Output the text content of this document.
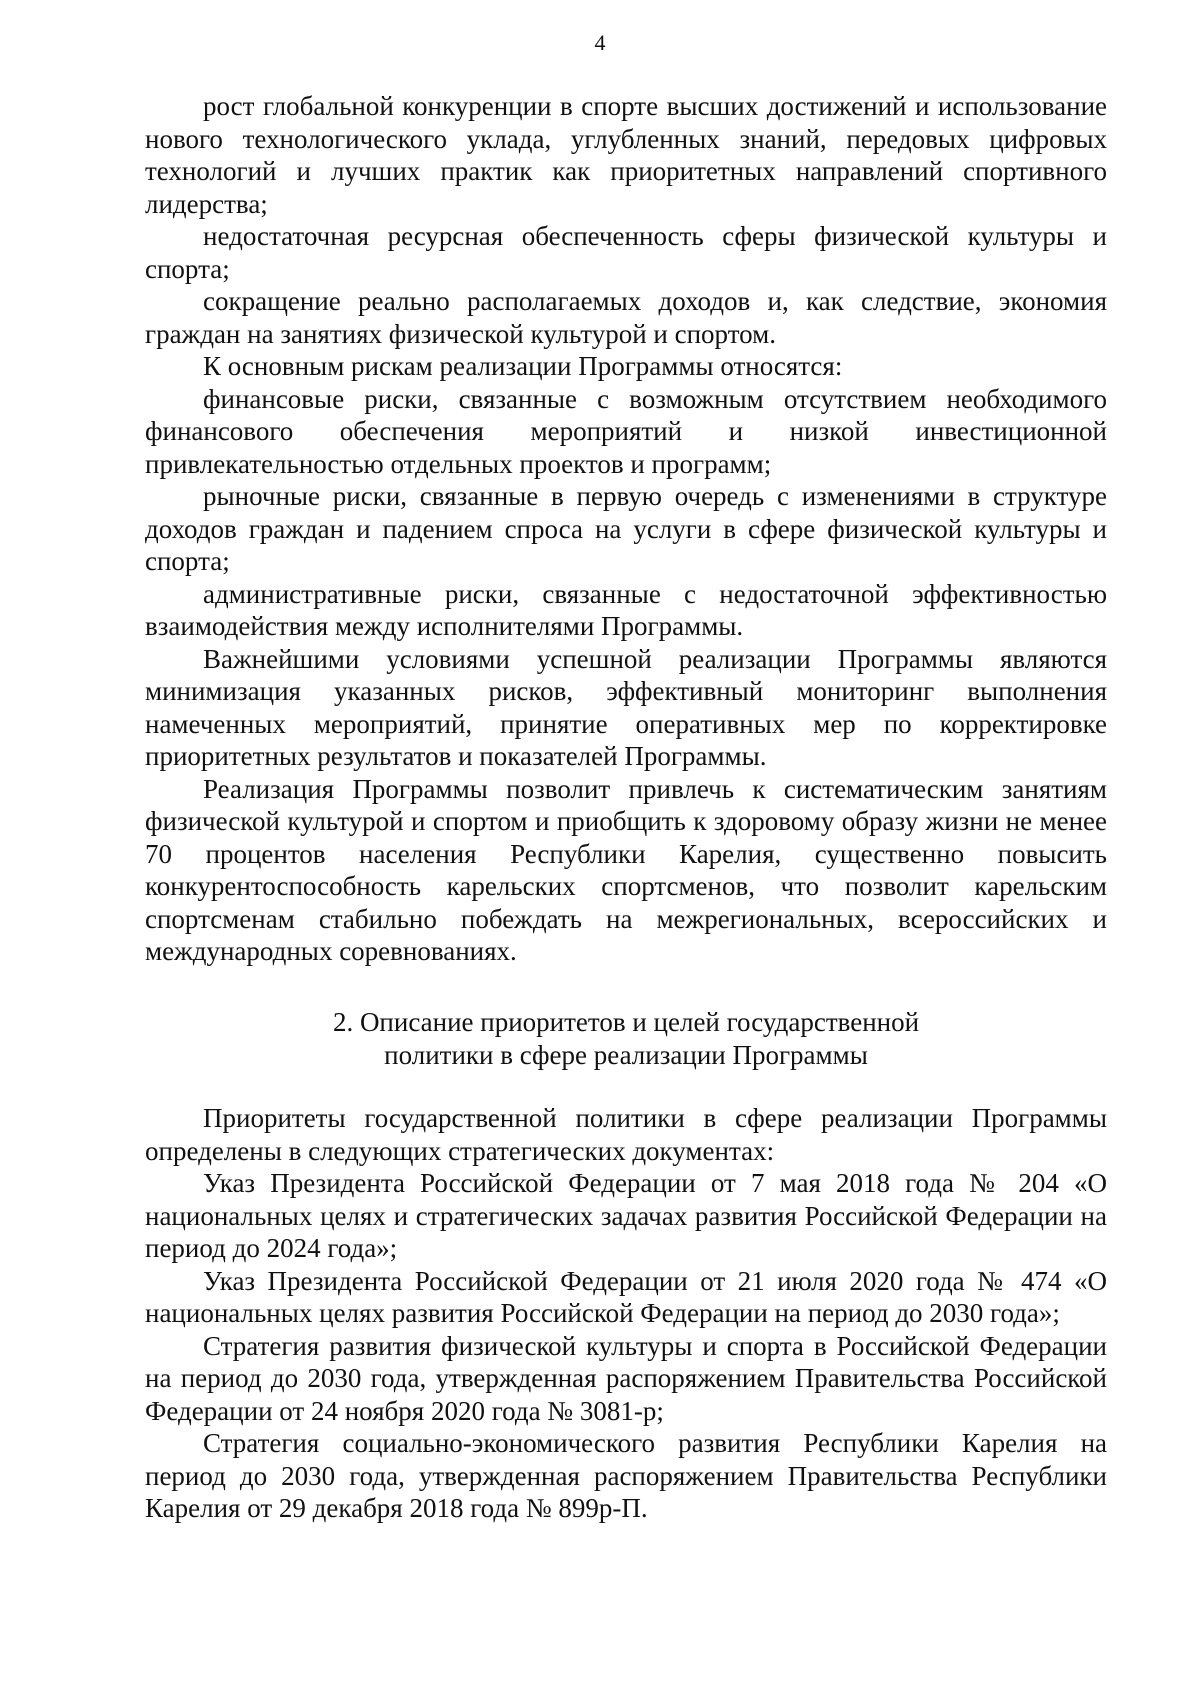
4

рост глобальной конкуренции в спорте высших достижений и использование нового технологического уклада, углубленных знаний, передовых цифровых технологий и лучших практик как приоритетных направлений спортивного лидерства;

недостаточная ресурсная обеспеченность сферы физической культуры и спорта;

сокращение реально располагаемых доходов и, как следствие, экономия граждан на занятиях физической культурой и спортом.

К основным рискам реализации Программы относятся:

финансовые риски, связанные с возможным отсутствием необходимого финансового обеспечения мероприятий и низкой инвестиционной привлекательностью отдельных проектов и программ;

рыночные риски, связанные в первую очередь с изменениями в структуре доходов граждан и падением спроса на услуги в сфере физической культуры и спорта;

административные риски, связанные с недостаточной эффективностью взаимодействия между исполнителями Программы.

Важнейшими условиями успешной реализации Программы являются минимизация указанных рисков, эффективный мониторинг выполнения намеченных мероприятий, принятие оперативных мер по корректировке приоритетных результатов и показателей Программы.

Реализация Программы позволит привлечь к систематическим занятиям физической культурой и спортом и приобщить к здоровому образу жизни не менее 70 процентов населения Республики Карелия, существенно повысить конкурентоспособность карельских спортсменов, что позволит карельским спортсменам стабильно побеждать на межрегиональных, всероссийских и международных соревнованиях.

2. Описание приоритетов и целей государственной
политики в сфере реализации Программы

Приоритеты государственной политики в сфере реализации Программы определены в следующих стратегических документах:

Указ Президента Российской Федерации от 7 мая 2018 года № 204 «О национальных целях и стратегических задачах развития Российской Федерации на период до 2024 года»;

Указ Президента Российской Федерации от 21 июля 2020 года № 474 «О национальных целях развития Российской Федерации на период до 2030 года»;

Стратегия развития физической культуры и спорта в Российской Федерации на период до 2030 года, утвержденная распоряжением Правительства Российской Федерации от 24 ноября 2020 года № 3081-р;

Стратегия социально-экономического развития Республики Карелия на период до 2030 года, утвержденная распоряжением Правительства Республики Карелия от 29 декабря 2018 года № 899р-П.
